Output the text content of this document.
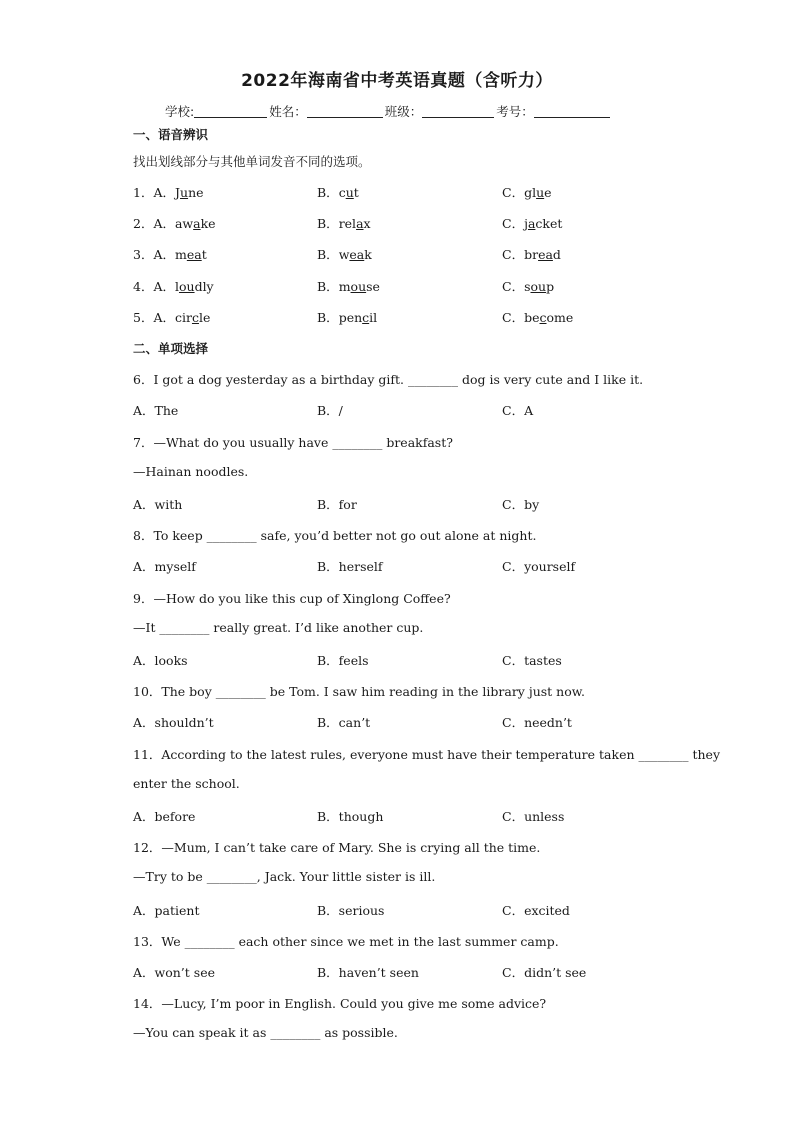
2022年海南省中考英语真题（含听力）
学校:	姓名：	班级：	考号：
一、语音辨识
找出划线部分与其他单词发音不同的选项。
1．A．June	B．cut	C．glue
2．A．awake	B．relax	C．jacket
3．A．meat	B．weak	C．bread
4．A．loudly	B．mouse	C．soup
5．A．circle	B．pencil	C．become
二、单项选择
6．I got a dog yesterday as a birthday gift. ________ dog is very cute and I like it.
A．The	B．/	C．A
7．—What do you usually have ________ breakfast?
—Hainan noodles.
A．with	B．for	C．by
8．To keep ________ safe, you’d better not go out alone at night.
A．myself	B．herself	C．yourself
9．—How do you like this cup of Xinglong Coffee?
—It ________ really great. I’d like another cup.
A．looks	B．feels	C．tastes
10．The boy ________ be Tom. I saw him reading in the library just now.
A．shouldn’t	B．can’t	C．needn’t
11．According to the latest rules, everyone must have their temperature taken ________ they
enter the school.
A．before	B．though	C．unless
12．—Mum, I can’t take care of Mary. She is crying all the time.
—Try to be ________, Jack. Your little sister is ill.
A．patient	B．serious	C．excited
13．We ________ each other since we met in the last summer camp.
A．won’t see	B．haven’t seen	C．didn’t see
14．—Lucy, I’m poor in English. Could you give me some advice?
—You can speak it as ________ as possible.
